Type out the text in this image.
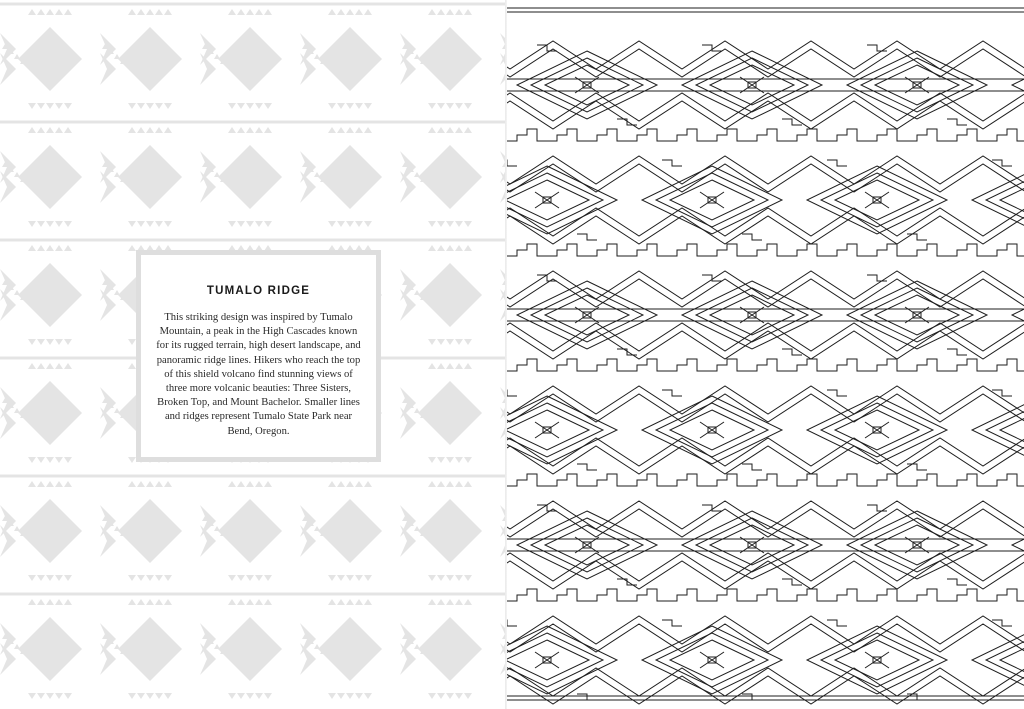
TUMALO RIDGE

This striking design was inspired by Tumalo Mountain, a peak in the High Cascades known for its rugged terrain, high desert landscape, and panoramic ridge lines. Hikers who reach the top of this shield volcano find stunning views of three more volcanic beauties: Three Sisters, Broken Top, and Mount Bachelor. Smaller lines and ridges represent Tumalo State Park near Bend, Oregon.
